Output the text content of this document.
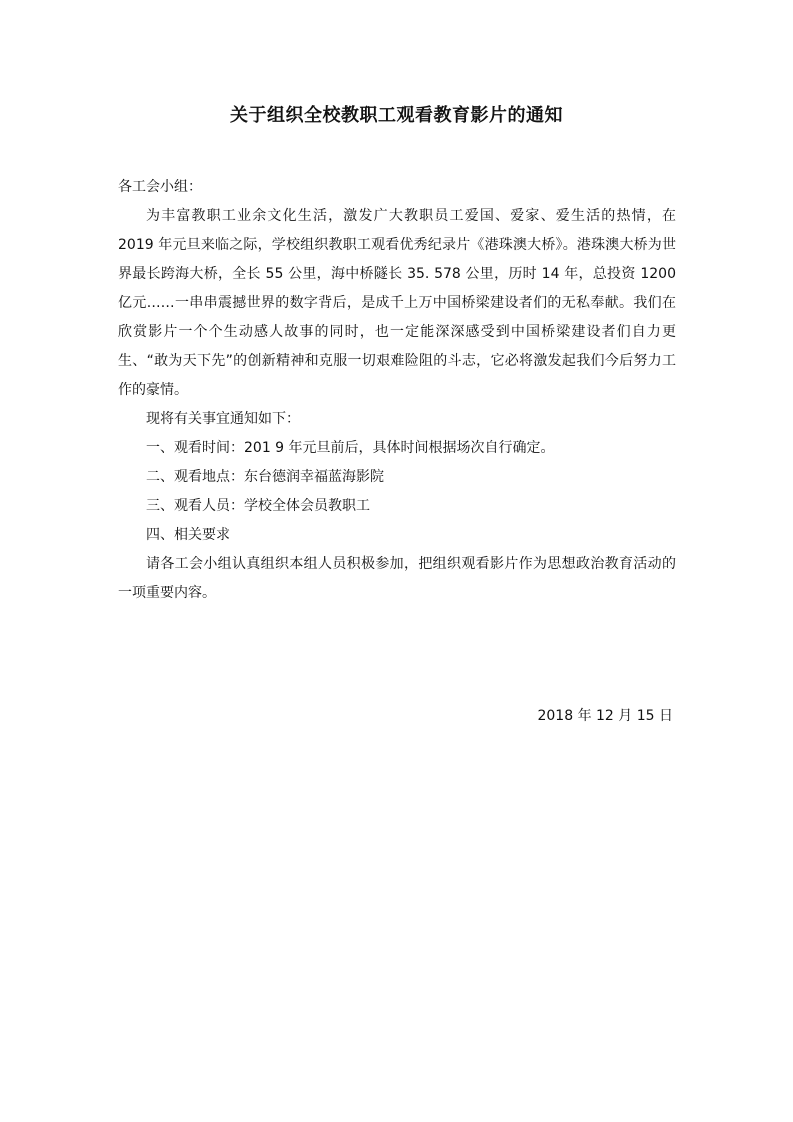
关于组织全校教职工观看教育影片的通知

各工会小组：

为丰富教职工业余文化生活，激发广大教职员工爱国、爱家、爱生活的热情，在 2019 年元旦来临之际，学校组织教职工观看优秀纪录片《港珠澳大桥》。港珠澳大桥为世界最长跨海大桥，全长 55 公里，海中桥隧长 35. 578 公里，历时 14 年，总投资 1200 亿元……一串串震撼世界的数字背后，是成千上万中国桥梁建设者们的无私奉献。我们在欣赏影片一个个生动感人故事的同时，也一定能深深感受到中国桥梁建设者们自力更生、“敢为天下先”的创新精神和克服一切艰难险阻的斗志，它必将激发起我们今后努力工作的豪情。

现将有关事宜通知如下：

一、观看时间：201 9 年元旦前后，具体时间根据场次自行确定。

二、观看地点：东台德润幸福蓝海影院

三、观看人员：学校全体会员教职工

四、相关要求

请各工会小组认真组织本组人员积极参加，把组织观看影片作为思想政治教育活动的一项重要内容。

2018 年 12 月 15 日
